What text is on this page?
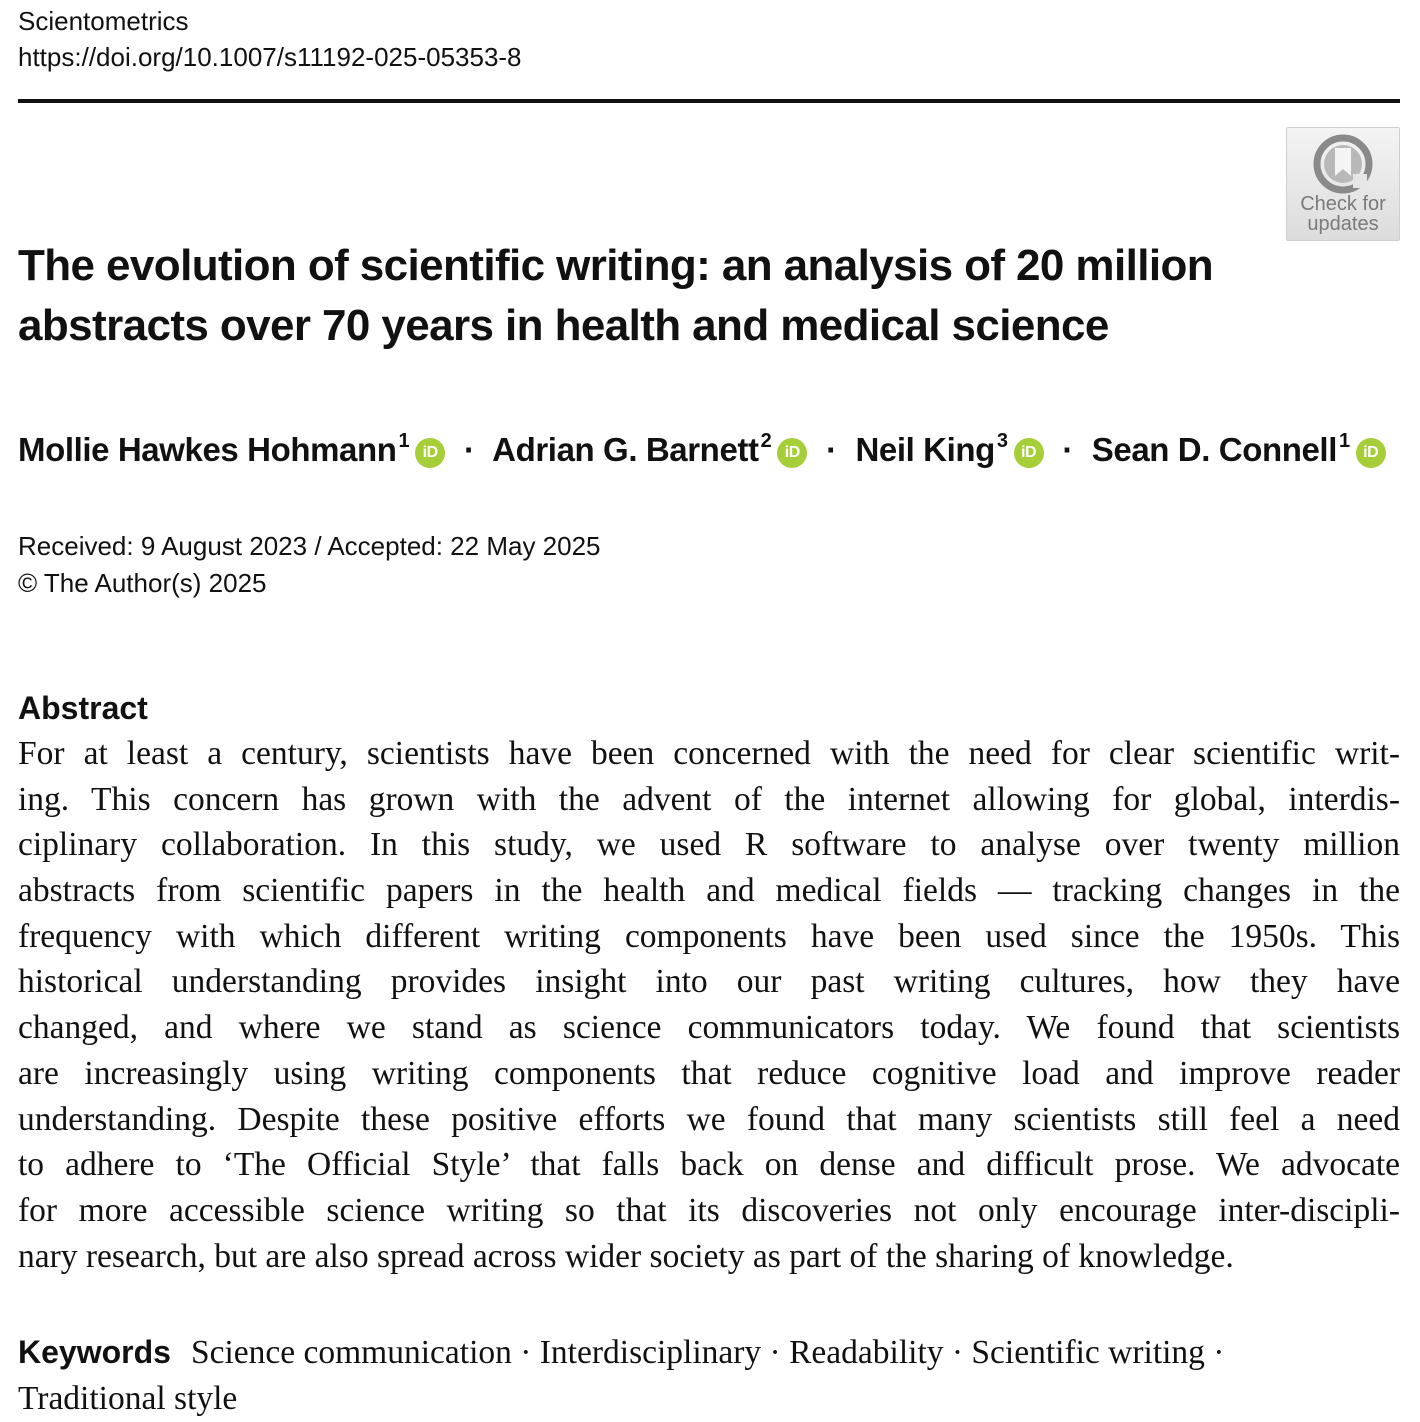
Scientometrics
https://doi.org/10.1007/s11192-025-05353-8
Check for
updates
The evolution of scientific writing: an analysis of 20 million abstracts over 70 years in health and medical science
Mollie Hawkes Hohmann $^1$iD · Adrian G. Barnett $^2$iD · Neil King $^3$iD · Sean D. Connell $^1$iD
Received: 9 August 2023 / Accepted: 22 May 2025
© The Author(s) 2025
Abstract
For at least a century, scientists have been concerned with the need for clear scientific writ-
ing. This concern has grown with the advent of the internet allowing for global, interdis-
ciplinary collaboration. In this study, we used R software to analyse over twenty million
abstracts from scientific papers in the health and medical fields — tracking changes in the
frequency with which different writing components have been used since the 1950s. This
historical understanding provides insight into our past writing cultures, how they have
changed, and where we stand as science communicators today. We found that scientists
are increasingly using writing components that reduce cognitive load and improve reader
understanding. Despite these positive efforts we found that many scientists still feel a need
to adhere to ‘The Official Style’ that falls back on dense and difficult prose. We advocate
for more accessible science writing so that its discoveries not only encourage inter-discipli-
nary research, but are also spread across wider society as part of the sharing of knowledge.
Keywords Science communication · Interdisciplinary · Readability · Scientific writing ·
Traditional style
